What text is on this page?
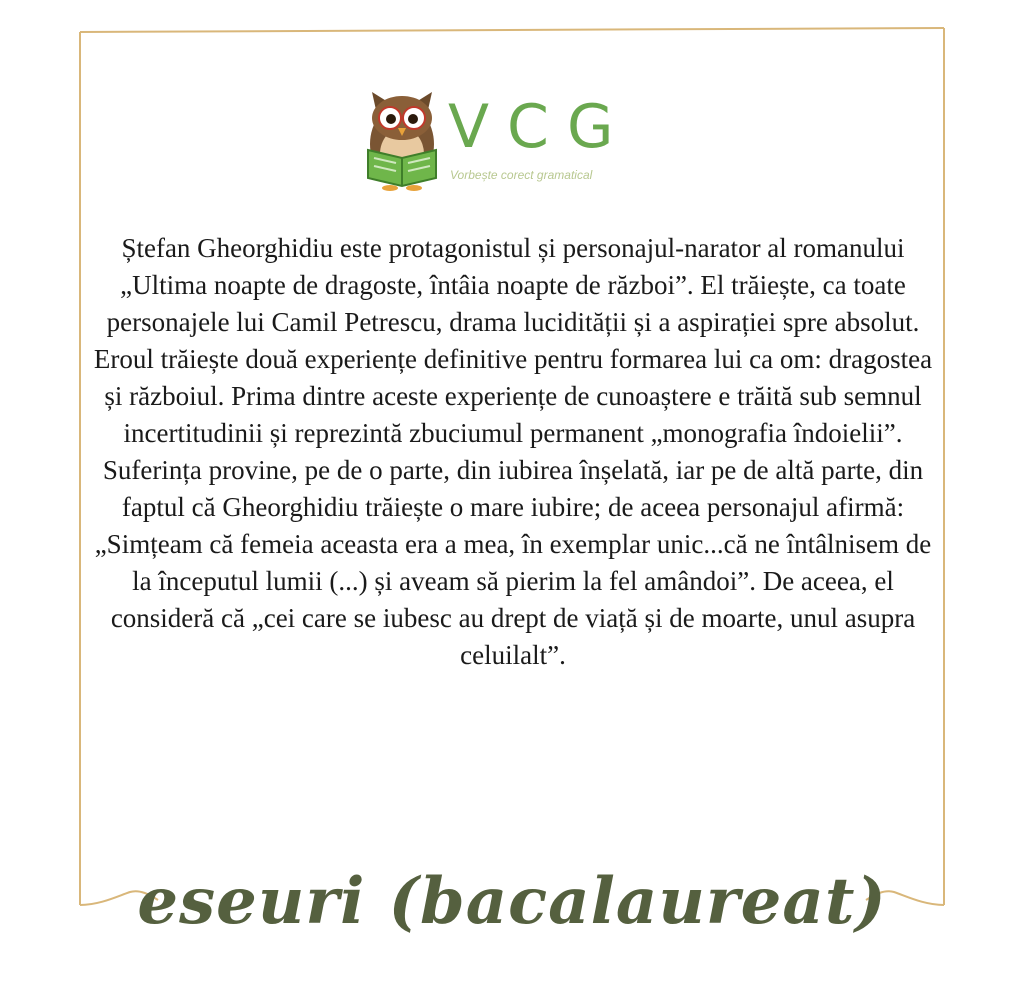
VCG
Vorbește corect gramatical

Ștefan Gheorghidiu este protagonistul și personajul-narator al romanului „Ultima noapte de dragoste, întâia noapte de război”. El trăiește, ca toate personajele lui Camil Petrescu, drama lucidității și a aspirației spre absolut.

Eroul trăiește două experiențe definitive pentru formarea lui ca om: dragostea și războiul. Prima dintre aceste experiențe de cunoaștere e trăită sub semnul incertitudinii și reprezintă zbuciumul permanent „monografia îndoielii”. Suferința provine, pe de o parte, din iubirea înșelată, iar pe de altă parte, din faptul că Gheorghidiu trăiește o mare iubire; de aceea personajul afirmă: „Simțeam că femeia aceasta era a mea, în exemplar unic...că ne întâlnisem de la începutul lumii (...) și aveam să pierim la fel amândoi”. De aceea, el consideră că „cei care se iubesc au drept de viață și de moarte, unul asupra celuilalt”.

eseuri (bacalaureat)
